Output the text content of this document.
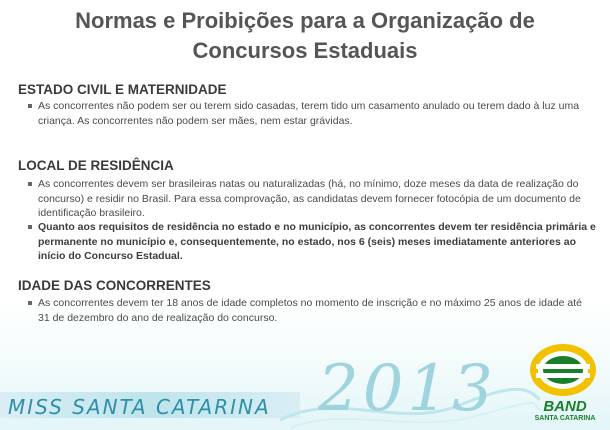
Normas e Proibições para a Organização de Concursos Estaduais
ESTADO CIVIL E MATERNIDADE
As concorrentes não podem ser ou terem sido casadas, terem tido um casamento anulado ou terem dado à luz uma criança. As concorrentes não podem ser mães, nem estar grávidas.
LOCAL DE RESIDÊNCIA
As concorrentes devem ser brasileiras natas ou naturalizadas (há, no mínimo, doze meses da data de realização do concurso) e residir no Brasil. Para essa comprovação, as candidatas devem fornecer fotocópia de um documento de identificação brasileiro.
Quanto aos requisitos de residência no estado e no município, as concorrentes devem ter residência primária e permanente no município e, consequentemente, no estado, nos 6 (seis) meses imediatamente anteriores ao início do Concurso Estadual.
IDADE DAS CONCORRENTES
As concorrentes devem ter 18 anos de idade completos no momento de inscrição e no máximo 25 anos de idade até 31 de dezembro do ano de realização do concurso.
MISS SANTA CATARINA 2013	BAND
SANTA CATARINA
